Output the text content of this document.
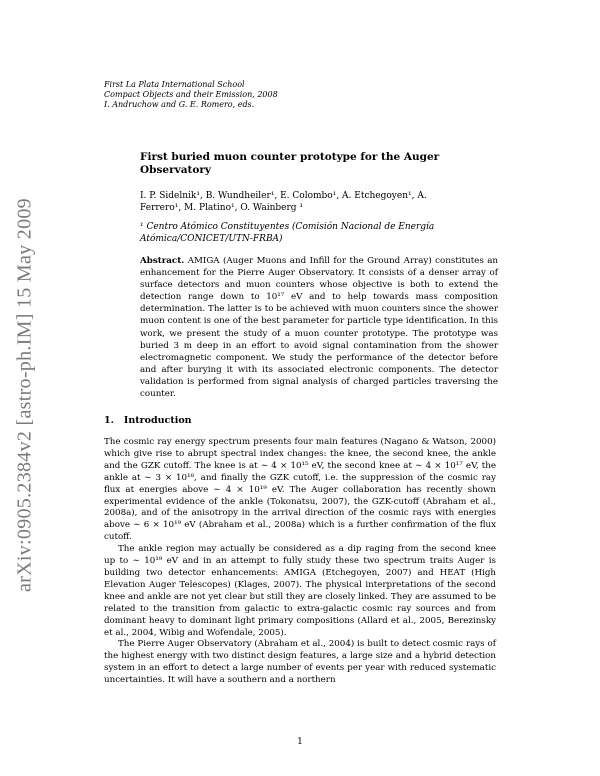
arXiv:0905.2384v2 [astro-ph.IM] 15 May 2009
First La Plata International School
Compact Objects and their Emission, 2008
I. Andruchow and G. E. Romero, eds.
First buried muon counter prototype for the Auger Observatory
I. P. Sidelnik¹, B. Wundheiler¹, E. Colombo¹, A. Etchegoyen¹, A.
Ferrero¹, M. Platino¹, O. Wainberg ¹
¹ Centro Atómico Constituyentes (Comisión Nacional de Energía
Atómica/CONICET/UTN-FRBA)
Abstract. AMIGA (Auger Muons and Infill for the Ground Array) constitutes an enhancement for the Pierre Auger Observatory. It consists of a denser array of surface detectors and muon counters whose objective is both to extend the detection range down to 10¹⁷ eV and to help towards mass composition determination. The latter is to be achieved with muon counters since the shower muon content is one of the best parameter for particle type identification. In this work, we present the study of a muon counter prototype. The prototype was buried 3 m deep in an effort to avoid signal contamination from the shower electromagnetic component. We study the performance of the detector before and after burying it with its associated electronic components. The detector validation is performed from signal analysis of charged particles traversing the counter.
1. Introduction

The cosmic ray energy spectrum presents four main features (Nagano & Watson, 2000) which give rise to abrupt spectral index changes: the knee, the second knee, the ankle and the GZK cutoff. The knee is at ∼ 4 × 10¹⁵ eV, the second knee at ∼ 4 × 10¹⁷ eV, the ankle at ∼ 3 × 10¹⁸, and finally the GZK cutoff, i.e. the suppression of the cosmic ray flux at energies above ∼ 4 × 10¹⁹ eV. The Auger collaboration has recently shown experimental evidence of the ankle (Tokonatsu, 2007), the GZK-cutoff (Abraham et al., 2008a), and of the anisotropy in the arrival direction of the cosmic rays with energies above ∼ 6 × 10¹⁹ eV (Abraham et al., 2008a) which is a further confirmation of the flux cutoff.

The ankle region may actually be considered as a dip raging from the second knee up to ∼ 10¹⁹ eV and in an attempt to fully study these two spectrum traits Auger is building two detector enhancements: AMIGA (Etchegoyen, 2007) and HEAT (High Elevation Auger Telescopes) (Klages, 2007). The physical interpretations of the second knee and ankle are not yet clear but still they are closely linked. They are assumed to be related to the transition from galactic to extra-galactic cosmic ray sources and from dominant heavy to dominant light primary compositions (Allard et al., 2005, Berezinsky et al., 2004, Wibig and Wofendale, 2005).

The Pierre Auger Observatory (Abraham et al., 2004) is built to detect cosmic rays of the highest energy with two distinct design features, a large size and a hybrid detection system in an effort to detect a large number of events per year with reduced systematic uncertainties. It will have a southern and a northern

1
